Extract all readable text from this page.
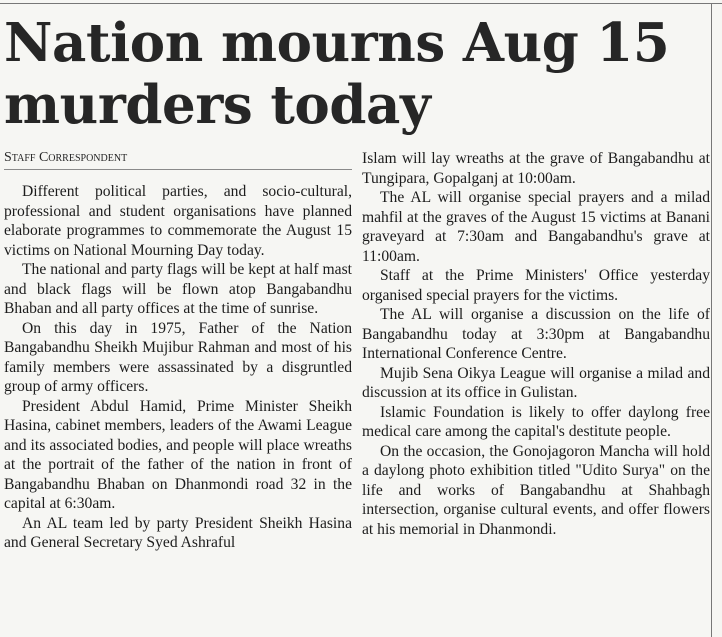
Nation mourns Aug 15 murders today
Staff Correspondent

Different political parties, and socio-cultural, professional and student organisations have planned elaborate programmes to commemorate the August 15 victims on National Mourning Day today.

The national and party flags will be kept at half mast and black flags will be flown atop Bangabandhu Bhaban and all party offices at the time of sunrise.

On this day in 1975, Father of the Nation Bangabandhu Sheikh Mujibur Rahman and most of his family members were assassinated by a disgruntled group of army officers.

President Abdul Hamid, Prime Minister Sheikh Hasina, cabinet members, leaders of the Awami League and its associated bodies, and people will place wreaths at the portrait of the father of the nation in front of Bangabandhu Bhaban on Dhanmondi road 32 in the capital at 6:30am.

An AL team led by party President Sheikh Hasina and General Secretary Syed Ashraful

Islam will lay wreaths at the grave of Bangabandhu at Tungipara, Gopalganj at 10:00am.

The AL will organise special prayers and a milad mahfil at the graves of the August 15 victims at Banani graveyard at 7:30am and Bangabandhu's grave at 11:00am.

Staff at the Prime Ministers' Office yesterday organised special prayers for the victims.

The AL will organise a discussion on the life of Bangabandhu today at 3:30pm at Bangabandhu International Conference Centre.

Mujib Sena Oikya League will organise a milad and discussion at its office in Gulistan.

Islamic Foundation is likely to offer daylong free medical care among the capital's destitute people.

On the occasion, the Gonojagoron Mancha will hold a daylong photo exhibition titled "Udito Surya" on the life and works of Bangabandhu at Shahbagh intersection, organise cultural events, and offer flowers at his memorial in Dhanmondi.
